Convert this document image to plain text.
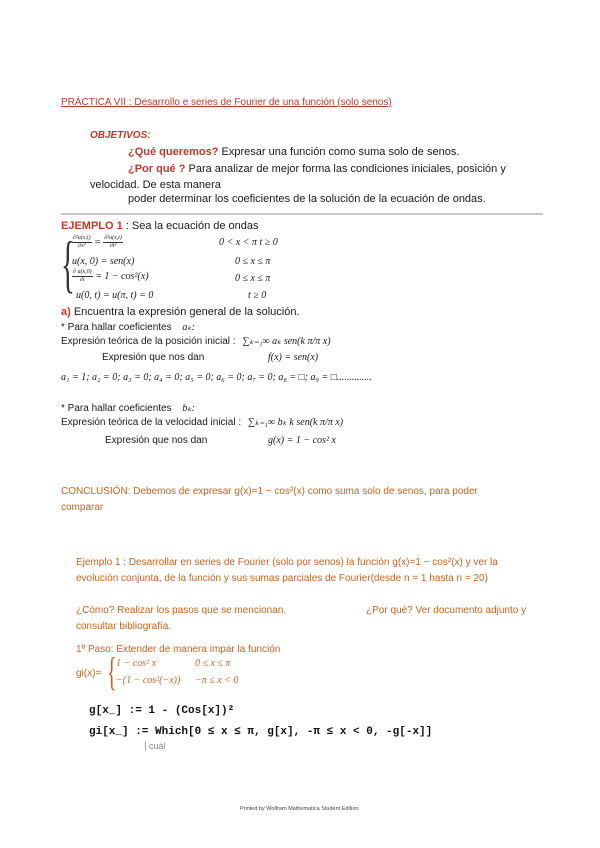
PRÁCTICA VII : Desarrollo e series de Fourier de una función (solo senos)
OBJETIVOS:
¿Qué queremos? Expresar una función como suma solo de senos.
¿Por qué ? Para analizar de mejor forma las condiciones iniciales, posición y
velocidad. De esta manera
poder determinar los coeficientes de la solución de la ecuación de ondas.
EJEMPLO 1 : Sea la ecuación de ondas
{
$\frac{\text{∂²u(x,t)}}{\text{∂x²}} = \frac{\text{∂²u(x,t)}}{\text{∂t²}}$	0 < x < π t ≥ 0
u(x, 0) = sen(x)	0 ≤ x ≤ π
$\frac{\partial u(x,0)}{\partial t} = 1 - \cos^2(x)$	0 ≤ x ≤ π
u(0, t) = u(π, t) = 0	t ≥ 0
a) Encuentra la expresión general de la solución.
* Para hallar coeficientes aₖ:
Expresión teórica de la posición inicial : ∑ₖ₌₁∞ aₖ sen(k π/π x)
Expresión que nos dan	f(x) = sen(x)
a₁ = 1; a₂ = 0; a₃ = 0; a₄ = 0; a₅ = 0; a₆ = 0; a₇ = 0; a₈ = □; a₉ = □..............
* Para hallar coeficientes bₖ:
Expresión teórica de la velocidad inicial : ∑ₖ₌₁∞ bₖ k sen(k π/π x)
Expresión que nos dan	g(x) = 1 − cos² x
CONCLUSIÓN: Debemos de expresar g(x)=1 − cos²(x) como suma solo de senos, para poder
comparar
Ejemplo 1 : Desarrollar en series de Fourier (solo por senos) la función g(x)=1 − cos²(x) y ver la
evolución conjunta, de la función y sus sumas parciales de Fourier(desde n = 1 hasta n = 20)
¿Cómo? Realizar los pasos que se mencionan.	¿Por qué? Ver documento adjunto y
consultar bibliografía.
1º Paso: Extender de manera impar la función
gi(x)= { 1 − cos² x	0 ≤ x ≤ π
−(1 − cos²(−x)) −π ≤ x < 0
g[x_] := 1 - (Cos[x])²
gi[x_] := Which[0 ≤ x ≤ π, g[x], -π ≤ x < 0, -g[-x]]
cuál
Printed by Wolfram Mathematica Student Edition
